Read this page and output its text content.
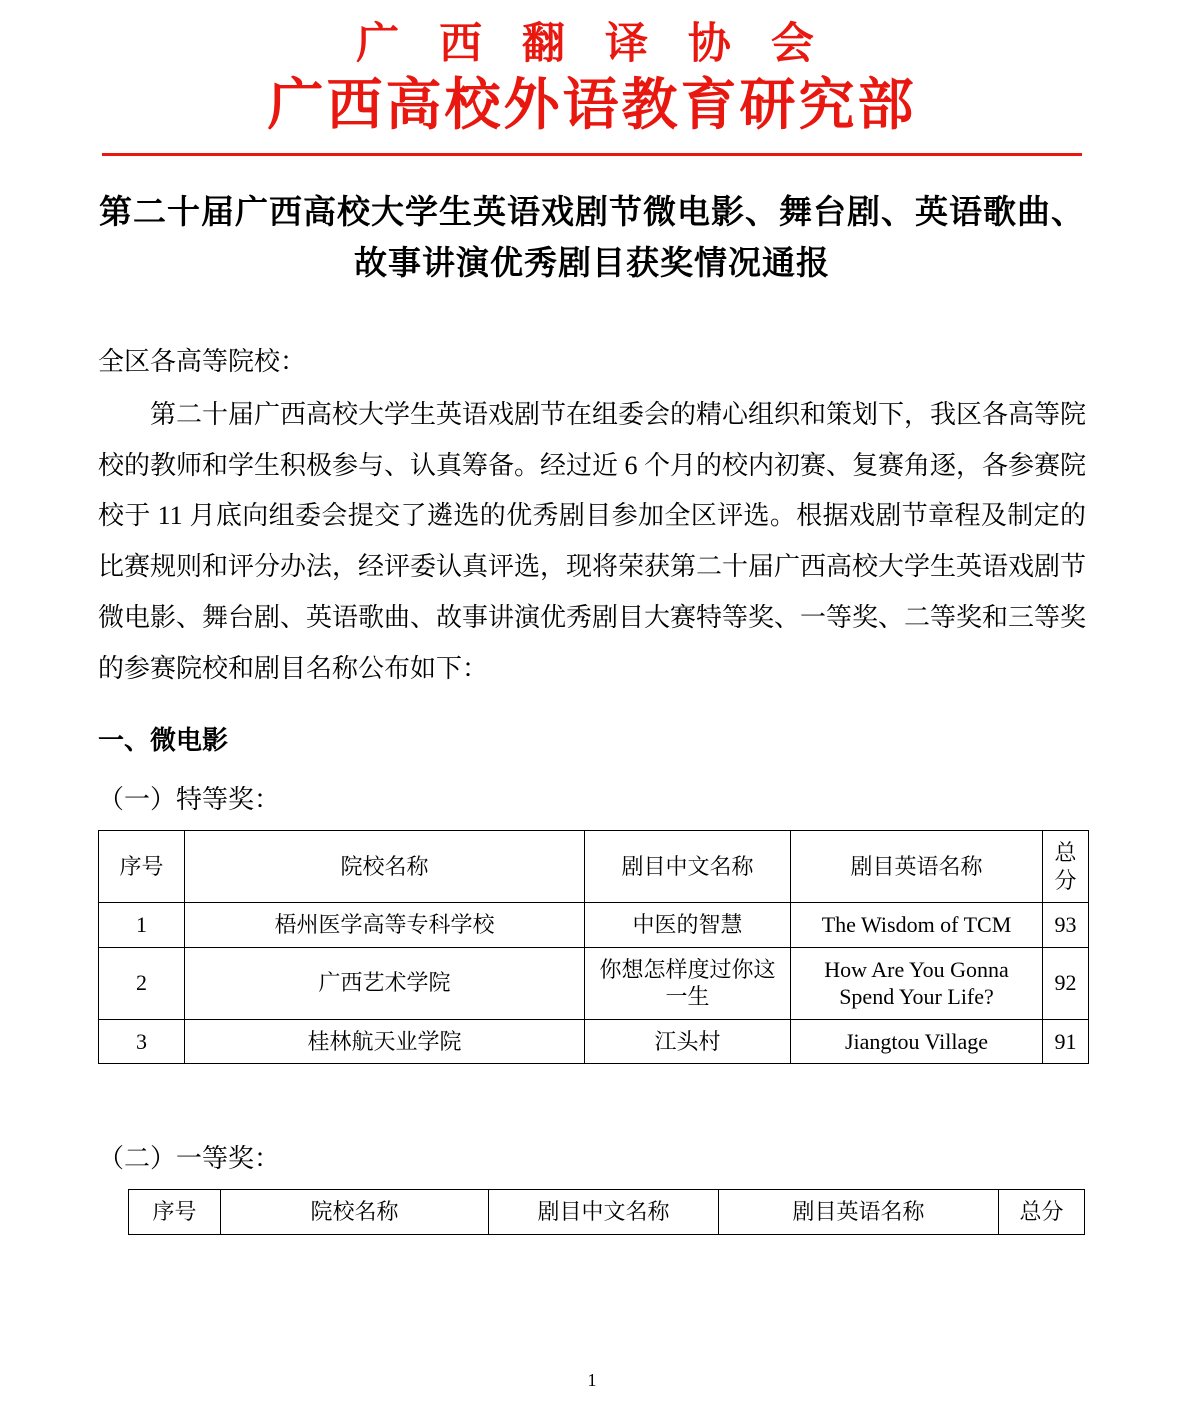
广 西 翻 译 协 会
广西高校外语教育研究部
第二十届广西高校大学生英语戏剧节微电影、舞台剧、英语歌曲、故事讲演优秀剧目获奖情况通报
全区各高等院校：

第二十届广西高校大学生英语戏剧节在组委会的精心组织和策划下，我区各高等院校的教师和学生积极参与、认真筹备。经过近 6 个月的校内初赛、复赛角逐，各参赛院校于 11 月底向组委会提交了遴选的优秀剧目参加全区评选。根据戏剧节章程及制定的比赛规则和评分办法，经评委认真评选，现将荣获第二十届广西高校大学生英语戏剧节微电影、舞台剧、英语歌曲、故事讲演优秀剧目大赛特等奖、一等奖、二等奖和三等奖的参赛院校和剧目名称公布如下：

一、微电影
（一）特等奖：
序号	院校名称	剧目中文名称	剧目英语名称	总分
1	梧州医学高等专科学校	中医的智慧	The Wisdom of TCM	93
2	广西艺术学院	你想怎样度过你这一生	How Are You Gonna Spend Your Life?	92
3	桂林航天业学院	江头村	Jiangtou Village	91
（二）一等奖：
序号	院校名称	剧目中文名称	剧目英语名称	总分
1
